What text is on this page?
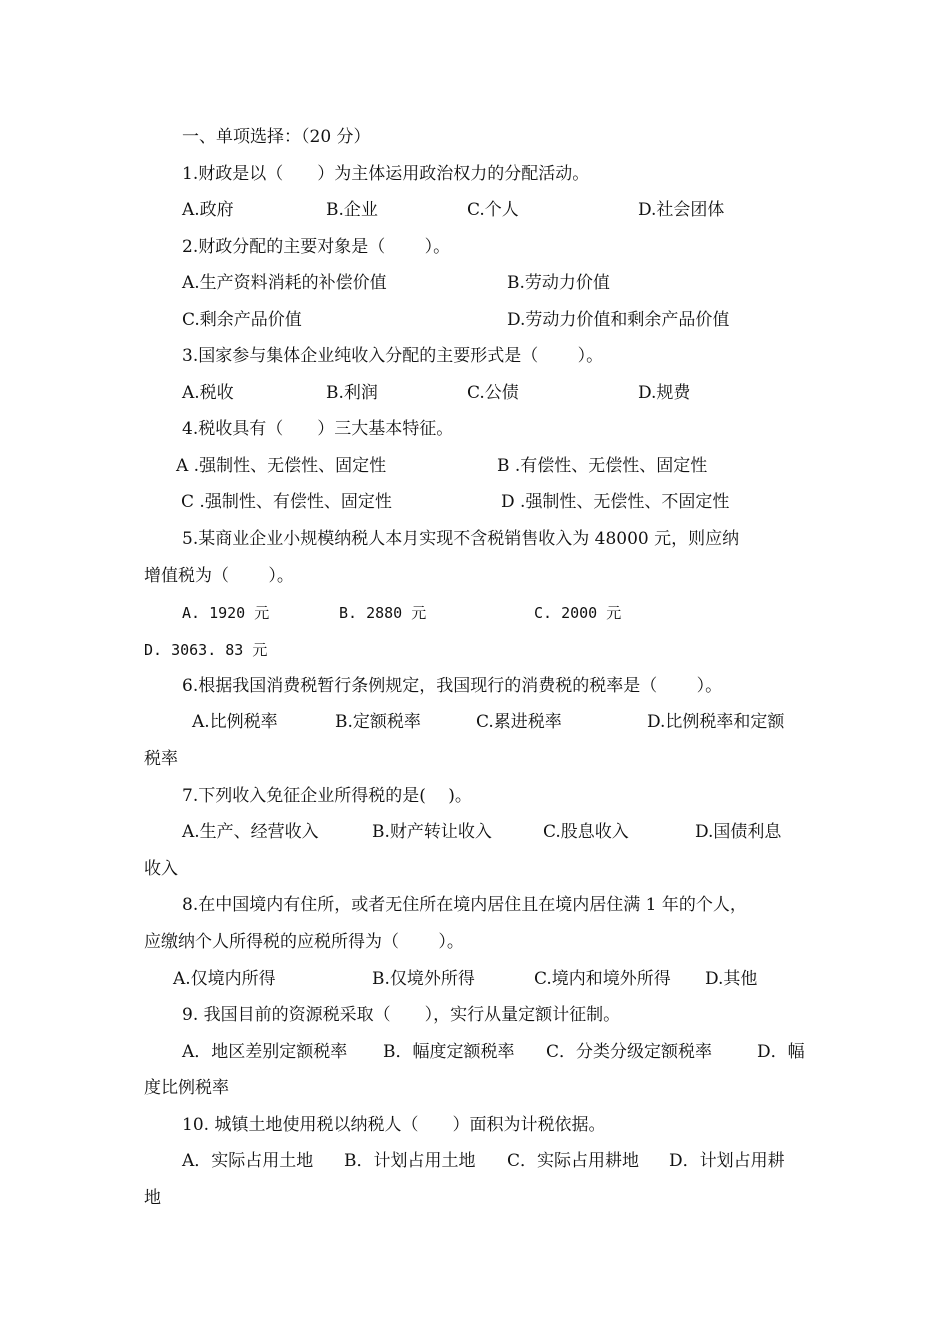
一、单项选择：（20 分）
1.财政是以（　　）为主体运用政治权力的分配活动。
A.政府	B.企业	C.个人	D.社会团体
2.财政分配的主要对象是（　　 ）。
A.生产资料消耗的补偿价值	B.劳动力价值
C.剩余产品价值	D.劳动力价值和剩余产品价值
3.国家参与集体企业纯收入分配的主要形式是（　　 ）。
A.税收	B.利润	C.公债	D.规费
4.税收具有（　　）三大基本特征。
A .强制性、无偿性、固定性	B .有偿性、无偿性、固定性
C .强制性、有偿性、固定性	D .强制性、无偿性、不固定性
5.某商业企业小规模纳税人本月实现不含税销售收入为 48000 元，则应纳
增值税为（　　 ）。
A. 1920 元	B. 2880 元	C. 2000 元
D. 3063. 83 元
6.根据我国消费税暂行条例规定，我国现行的消费税的税率是（　　 ）。
A.比例税率	B.定额税率	C.累进税率	D.比例税率和定额
税率
7.下列收入免征企业所得税的是(　 )。
A.生产、经营收入	B.财产转让收入	C.股息收入	D.国债利息
收入
8.在中国境内有住所，或者无住所在境内居住且在境内居住满 1 年的个人，
应缴纳个人所得税的应税所得为（　　 ）。
A.仅境内所得	B.仅境外所得	C.境内和境外所得 D.其他
9. 我国目前的资源税采取（　　），实行从量定额计征制。
A．地区差别定额税率 B．幅度定额税率 C．分类分级定额税率	D．幅
度比例税率
10. 城镇土地使用税以纳税人（　　）面积为计税依据。
A．实际占用土地 B．计划占用土地 C．实际占用耕地 D．计划占用耕
地
